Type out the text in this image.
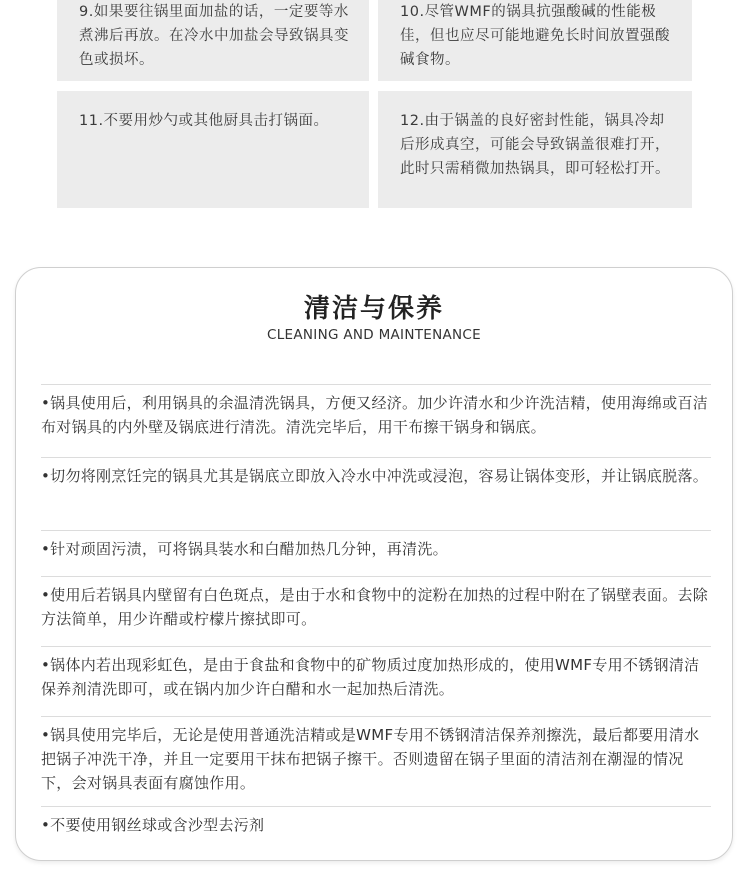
9.如果要往锅里面加盐的话，一定要等水煮沸后再放。在冷水中加盐会导致锅具变色或损坏。
10.尽管WMF的锅具抗强酸碱的性能极佳，但也应尽可能地避免长时间放置强酸碱食物。
11.不要用炒勺或其他厨具击打锅面。	12.由于锅盖的良好密封性能，锅具冷却后形成真空，可能会导致锅盖很难打开，此时只需稍微加热锅具，即可轻松打开。
清洁与保养
CLEANING AND MAINTENANCE
•锅具使用后，利用锅具的余温清洗锅具，方便又经济。加少许清水和少许洗洁精，使用海绵或百洁布对锅具的内外壁及锅底进行清洗。清洗完毕后，用干布擦干锅身和锅底。
•切勿将刚烹饪完的锅具尤其是锅底立即放入冷水中冲洗或浸泡，容易让锅体变形，并让锅底脱落。
•针对顽固污渍，可将锅具装水和白醋加热几分钟，再清洗。
•使用后若锅具内壁留有白色斑点，是由于水和食物中的淀粉在加热的过程中附在了锅壁表面。去除方法简单，用少许醋或柠檬片擦拭即可。
•锅体内若出现彩虹色，是由于食盐和食物中的矿物质过度加热形成的，使用WMF专用不锈钢清洁保养剂清洗即可，或在锅内加少许白醋和水一起加热后清洗。
•锅具使用完毕后，无论是使用普通洗洁精或是WMF专用不锈钢清洁保养剂擦洗，最后都要用清水把锅子冲洗干净，并且一定要用干抹布把锅子擦干。否则遗留在锅子里面的清洁剂在潮湿的情况下，会对锅具表面有腐蚀作用。
•不要使用钢丝球或含沙型去污剂
